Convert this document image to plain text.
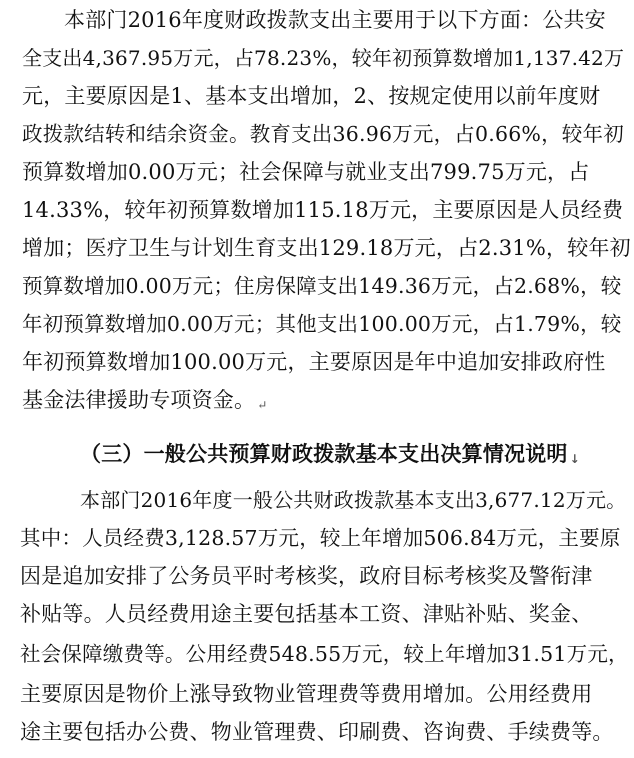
本部门2016年度财政拨款支出主要用于以下方面：公共安
全支出4,367.95万元，占78.23%，较年初预算数增加1,137.42万
元，主要原因是1、基本支出增加，2、按规定使用以前年度财
政拨款结转和结余资金。教育支出36.96万元，占0.66%，较年初
预算数增加0.00万元；社会保障与就业支出799.75万元，占
14.33%，较年初预算数增加115.18万元，主要原因是人员经费
增加；医疗卫生与计划生育支出129.18万元，占2.31%，较年初
预算数增加0.00万元；住房保障支出149.36万元，占2.68%，较
年初预算数增加0.00万元；其他支出100.00万元，占1.79%，较
年初预算数增加100.00万元，主要原因是年中追加安排政府性
基金法律援助专项资金。 ↵
（三）一般公共预算财政拨款基本支出决算情况说明 ↓
本部门2016年度一般公共财政拨款基本支出3,677.12万元。
其中：人员经费3,128.57万元，较上年增加506.84万元，主要原
因是追加安排了公务员平时考核奖，政府目标考核奖及警衔津
补贴等。人员经费用途主要包括基本工资、津贴补贴、奖金、
社会保障缴费等。公用经费548.55万元，较上年增加31.51万元，
主要原因是物价上涨导致物业管理费等费用增加。公用经费用
途主要包括办公费、物业管理费、印刷费、咨询费、手续费等。
